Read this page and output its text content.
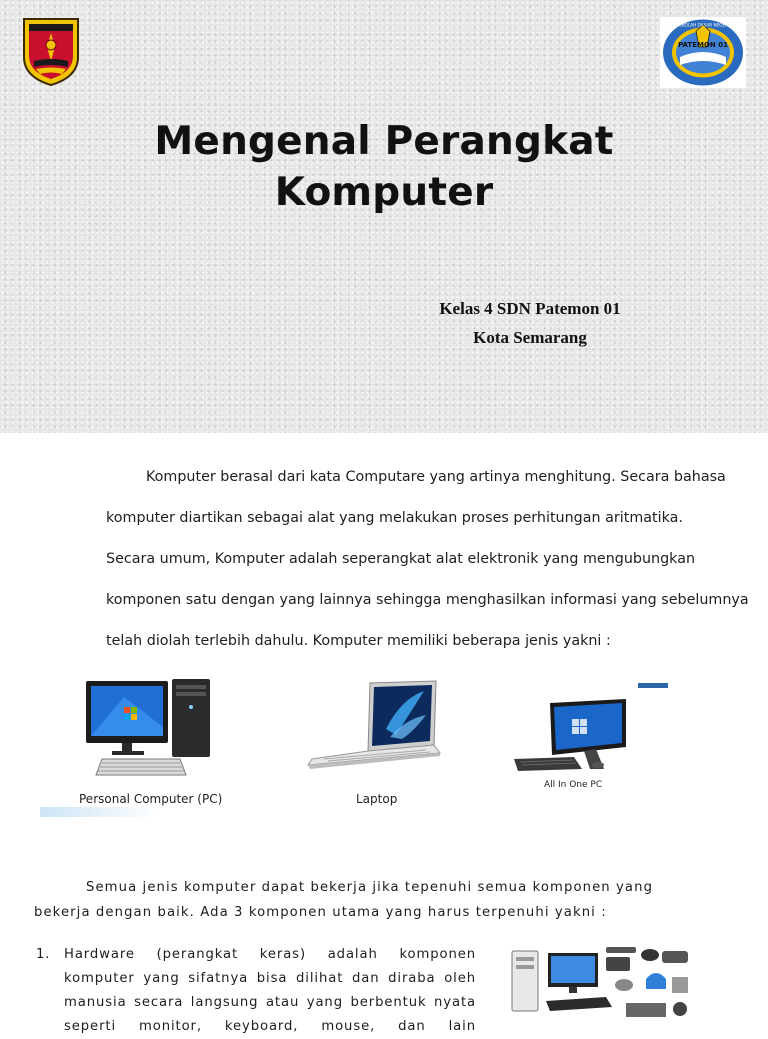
PATEMON 01
SEKOLAH DASAR NEGERI
Mengenal Perangkat
Komputer
Kelas 4 SDN Patemon 01
Kota Semarang
Komputer berasal dari kata Computare yang artinya menghitung. Secara bahasa
komputer diartikan sebagai alat yang melakukan proses perhitungan aritmatika.
Secara umum, Komputer adalah seperangkat alat elektronik yang mengubungkan
komponen satu dengan yang lainnya sehingga menghasilkan informasi yang sebelumnya
telah diolah terlebih dahulu. Komputer memiliki beberapa jenis yakni :
Personal Computer (PC)	Laptop
All In One PC
Semua jenis komputer dapat bekerja jika tepenuhi semua komponen yang
bekerja dengan baik. Ada 3 komponen utama yang harus terpenuhi yakni :
1. Hardware (perangkat keras) adalah komponen
komputer yang sifatnya bisa dilihat dan diraba oleh
manusia secara langsung atau yang berbentuk nyata
seperti monitor, keyboard, mouse, dan lain
